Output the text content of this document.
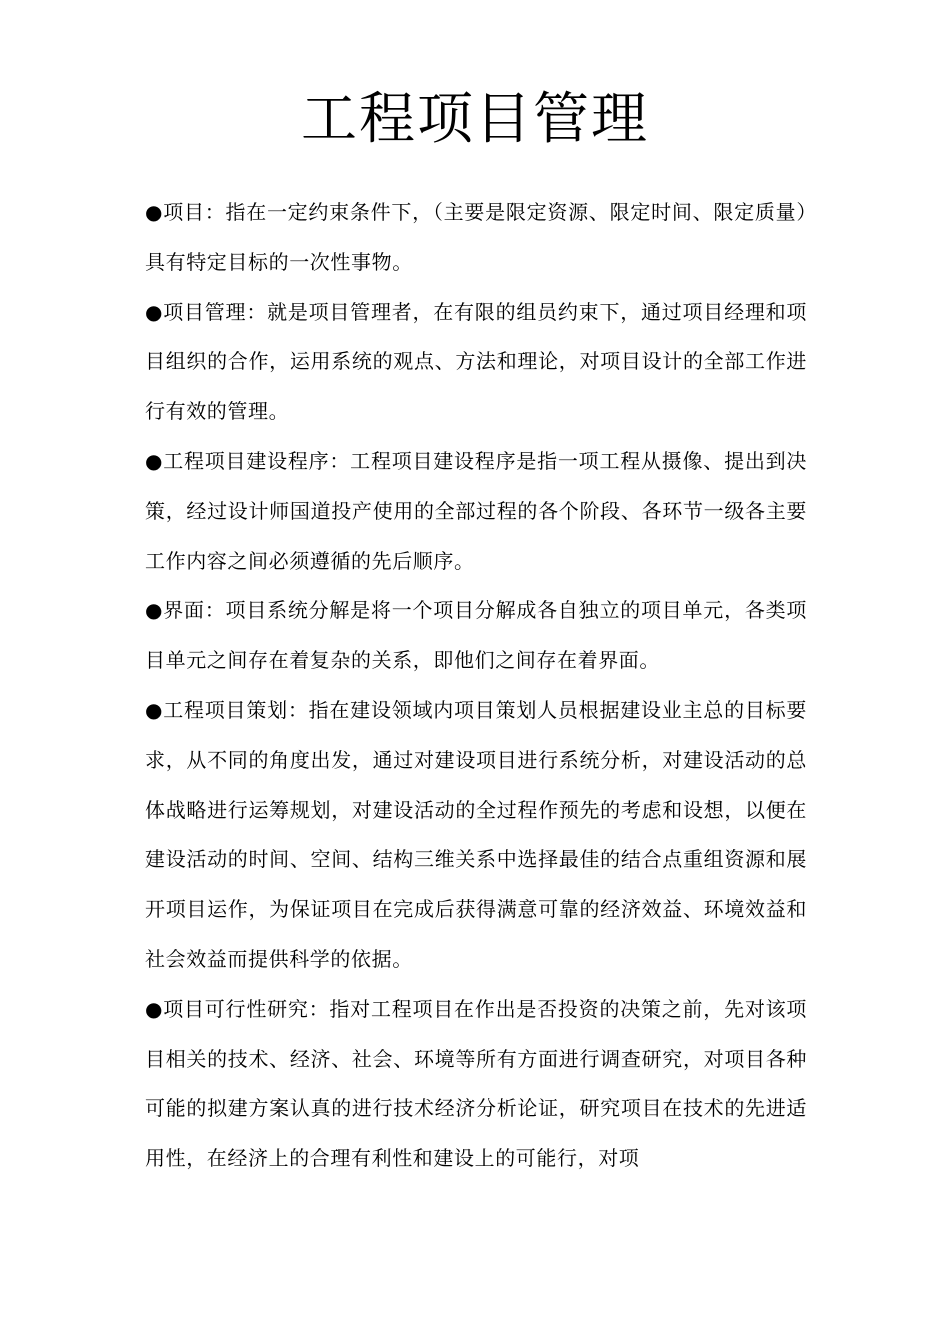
工程项目管理

●项目：指在一定约束条件下，（主要是限定资源、限定时间、限定质量）具有特定目标的一次性事物。

●项目管理：就是项目管理者，在有限的组员约束下，通过项目经理和项目组织的合作，运用系统的观点、方法和理论，对项目设计的全部工作进行有效的管理。

●工程项目建设程序：工程项目建设程序是指一项工程从摄像、提出到决策，经过设计师国道投产使用的全部过程的各个阶段、各环节一级各主要工作内容之间必须遵循的先后顺序。

●界面：项目系统分解是将一个项目分解成各自独立的项目单元，各类项目单元之间存在着复杂的关系，即他们之间存在着界面。

●工程项目策划：指在建设领域内项目策划人员根据建设业主总的目标要求，从不同的角度出发，通过对建设项目进行系统分析，对建设活动的总体战略进行运筹规划，对建设活动的全过程作预先的考虑和设想，以便在建设活动的时间、空间、结构三维关系中选择最佳的结合点重组资源和展开项目运作，为保证项目在完成后获得满意可靠的经济效益、环境效益和社会效益而提供科学的依据。

●项目可行性研究：指对工程项目在作出是否投资的决策之前，先对该项目相关的技术、经济、社会、环境等所有方面进行调查研究，对项目各种可能的拟建方案认真的进行技术经济分析论证，研究项目在技术的先进适用性，在经济上的合理有利性和建设上的可能行，对项
